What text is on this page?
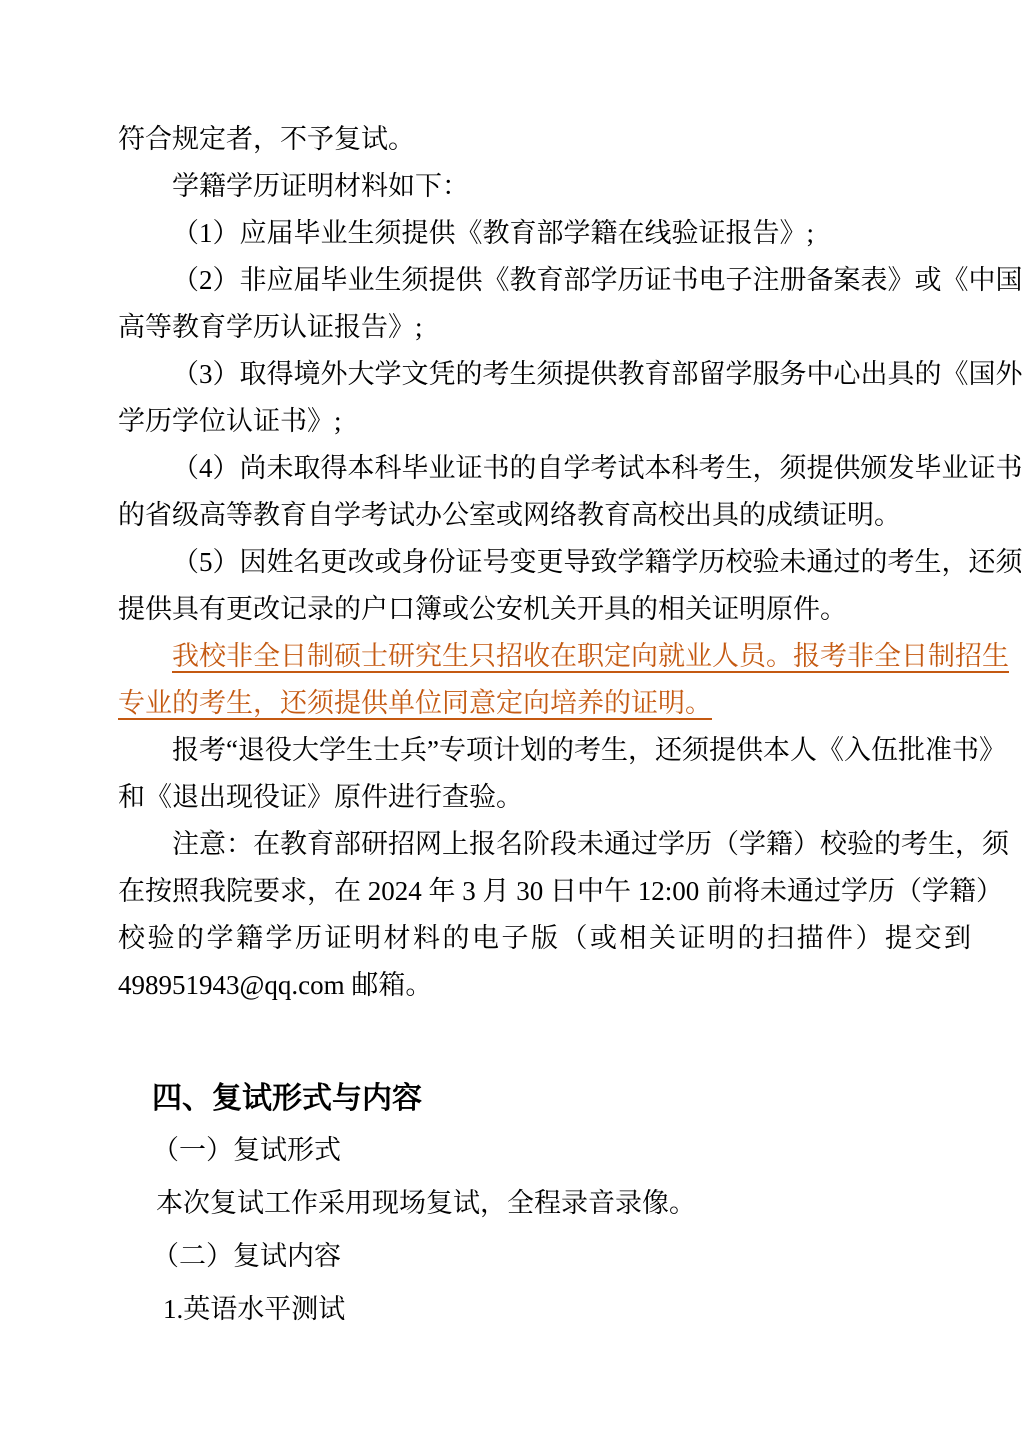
符合规定者，不予复试。
学籍学历证明材料如下：
（1）应届毕业生须提供《教育部学籍在线验证报告》;
（2）非应届毕业生须提供《教育部学历证书电子注册备案表》或《中国
高等教育学历认证报告》;
（3）取得境外大学文凭的考生须提供教育部留学服务中心出具的《国外
学历学位认证书》;
（4）尚未取得本科毕业证书的自学考试本科考生，须提供颁发毕业证书
的省级高等教育自学考试办公室或网络教育高校出具的成绩证明。
（5）因姓名更改或身份证号变更导致学籍学历校验未通过的考生，还须
提供具有更改记录的户口簿或公安机关开具的相关证明原件。
我校非全日制硕士研究生只招收在职定向就业人员。报考非全日制招生
专业的考生，还须提供单位同意定向培养的证明。
报考“退役大学生士兵”专项计划的考生，还须提供本人《入伍批准书》
和《退出现役证》原件进行查验。
注意：在教育部研招网上报名阶段未通过学历（学籍）校验的考生，须
在按照我院要求，在 2024 年 3 月 30 日中午 12:00 前将未通过学历（学籍）
校验的学籍学历证明材料的电子版（或相关证明的扫描件）提交到
498951943@qq.com 邮箱。
四、复试形式与内容
（一）复试形式
本次复试工作采用现场复试，全程录音录像。
（二）复试内容
1.英语水平测试
